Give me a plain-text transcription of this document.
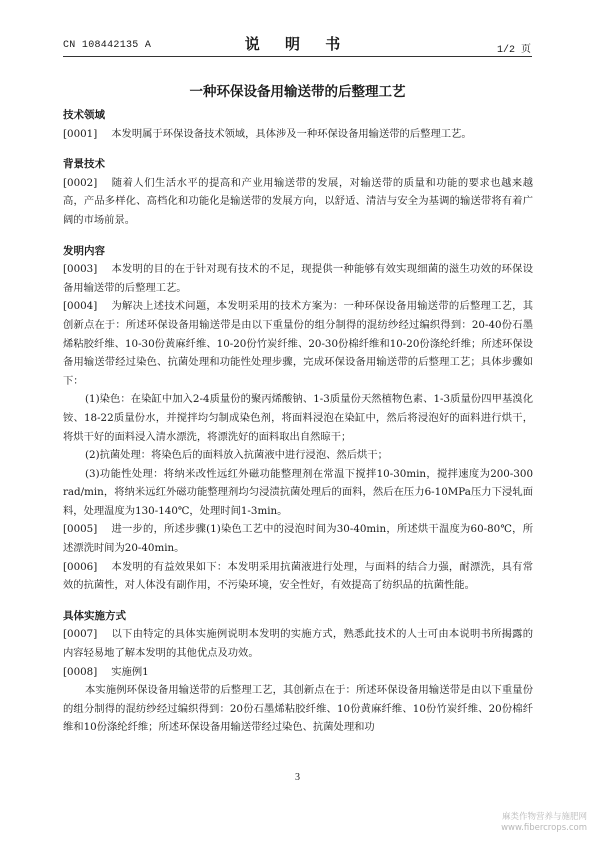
CN 108442135 A	说 明 书	1/2 页
一种环保设备用输送带的后整理工艺
技术领域
[0001] 本发明属于环保设备技术领域，具体涉及一种环保设备用输送带的后整理工艺。
背景技术
[0002] 随着人们生活水平的提高和产业用输送带的发展，对输送带的质量和功能的要求也越来越高，产品多样化、高档化和功能化是输送带的发展方向，以舒适、清洁与安全为基调的输送带将有着广阔的市场前景。
发明内容
[0003] 本发明的目的在于针对现有技术的不足，现提供一种能够有效实现细菌的滋生功效的环保设备用输送带的后整理工艺。
[0004] 为解决上述技术问题，本发明采用的技术方案为：一种环保设备用输送带的后整理工艺，其创新点在于：所述环保设备用输送带是由以下重量份的组分制得的混纺纱经过编织得到：20-40份石墨烯粘胶纤维、10-30份黄麻纤维、10-20份竹炭纤维、20-30份棉纤维和10-20份涤纶纤维；所述环保设备用输送带经过染色、抗菌处理和功能性处理步骤，完成环保设备用输送带的后整理工艺；具体步骤如下：
(1)染色：在染缸中加入2-4质量份的聚丙烯酸钠、1-3质量份天然植物色素、1-3质量份四甲基溴化铵、18-22质量份水，并搅拌均匀制成染色剂，将面料浸泡在染缸中，然后将浸泡好的面料进行烘干，将烘干好的面料浸入清水漂洗，将漂洗好的面料取出自然晾干；
(2)抗菌处理：将染色后的面料放入抗菌液中进行浸泡、然后烘干；
(3)功能性处理：将纳米改性远红外磁功能整理剂在常温下搅拌10-30min，搅拌速度为200-300 rad/min，将纳米远红外磁功能整理剂均匀浸渍抗菌处理后的面料，然后在压力6-10MPa压力下浸轧面料，处理温度为130-140℃，处理时间1-3min。
[0005] 进一步的，所述步骤(1)染色工艺中的浸泡时间为30-40min，所述烘干温度为60-80℃，所述漂洗时间为20-40min。
[0006] 本发明的有益效果如下：本发明采用抗菌液进行处理，与面料的结合力强，耐漂洗，具有常效的抗菌性，对人体没有副作用，不污染环境，安全性好，有效提高了纺织品的抗菌性能。
具体实施方式
[0007] 以下由特定的具体实施例说明本发明的实施方式，熟悉此技术的人士可由本说明书所揭露的内容轻易地了解本发明的其他优点及功效。
[0008] 实施例1
本实施例环保设备用输送带的后整理工艺，其创新点在于：所述环保设备用输送带是由以下重量份的组分制得的混纺纱经过编织得到：20份石墨烯粘胶纤维、10份黄麻纤维、10份竹炭纤维、20份棉纤维和10份涤纶纤维；所述环保设备用输送带经过染色、抗菌处理和功
3
麻类作物营养与施肥网
www.fibercrops.com
